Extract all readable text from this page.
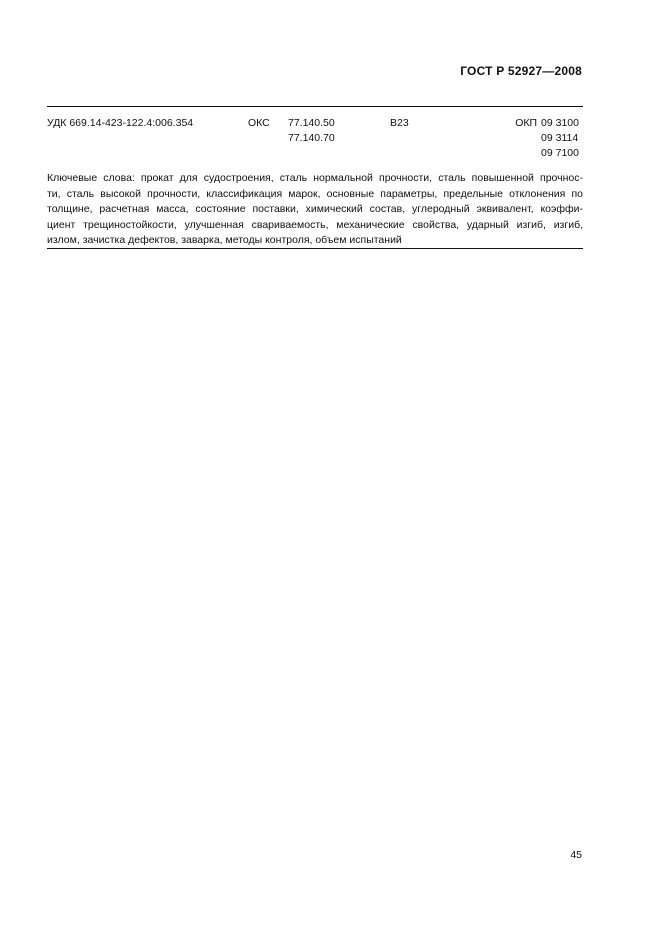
ГОСТ Р 52927—2008
УДК 669.14-423-122.4:006.354	ОКС 77.140.50
77.140.70
В23	ОКП 09 3100
09 3114
09 7100

Ключевые слова: прокат для судостроения, сталь нормальной прочности, сталь повышенной прочнос-
ти, сталь высокой прочности, классификация марок, основные параметры, предельные отклонения по
толщине, расчетная масса, состояние поставки, химический состав, углеродный эквивалент, коэффи-
циент трещиностойкости, улучшенная свариваемость, механические свойства, ударный изгиб, изгиб,
излом, зачистка дефектов, заварка, методы контроля, объем испытаний

45
